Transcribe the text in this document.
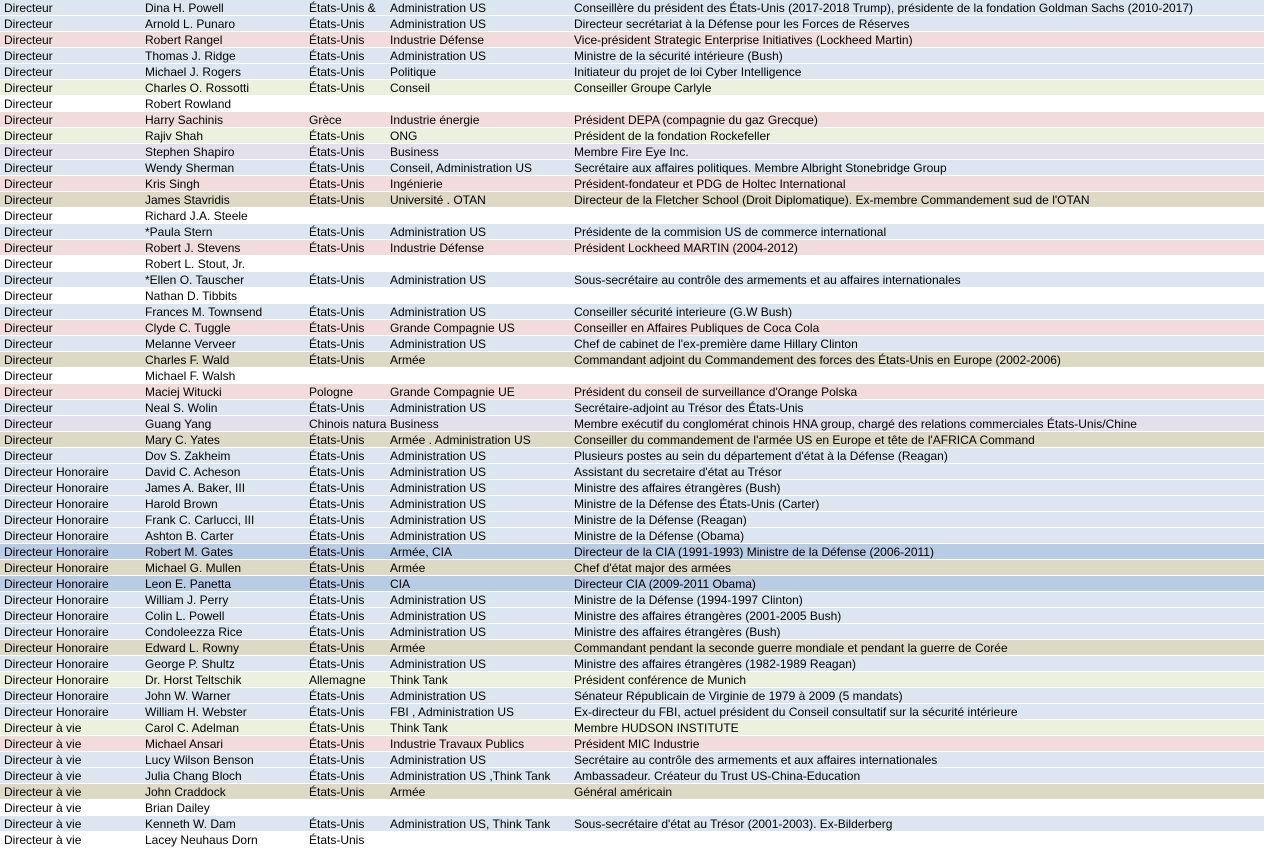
Directeur	Dina H. Powell	États-Unis &	Administration US	Conseillère du président des États-Unis (2017-2018 Trump), présidente de la fondation Goldman Sachs (2010-2017)
Directeur	Arnold L. Punaro	États-Unis	Administration US	Directeur secrétariat à la Défense pour les Forces de Réserves
Directeur	Robert Rangel	États-Unis	Industrie Défense	Vice-président Strategic Enterprise Initiatives (Lockheed Martin)
Directeur	Thomas J. Ridge	États-Unis	Administration US	Ministre de la sécurité intérieure (Bush)
Directeur	Michael J. Rogers	États-Unis	Politique	Initiateur du projet de loi Cyber Intelligence
Directeur	Charles O. Rossotti	États-Unis	Conseil	Conseiller Groupe Carlyle
Directeur	Robert Rowland
Directeur	Harry Sachinis	Grèce	Industrie énergie	Président DEPA (compagnie du gaz Grecque)
Directeur	Rajiv Shah	États-Unis	ONG	Président de la fondation Rockefeller
Directeur	Stephen Shapiro	États-Unis	Business	Membre Fire Eye Inc.
Directeur	Wendy Sherman	États-Unis	Conseil, Administration US	Secrétaire aux affaires politiques. Membre Albright Stonebridge Group
Directeur	Kris Singh	États-Unis	Ingénierie	Président-fondateur et PDG de Holtec International
Directeur	James Stavridis	États-Unis	Université . OTAN	Directeur de la Fletcher School (Droit Diplomatique). Ex-membre Commandement sud de l'OTAN
Directeur	Richard J.A. Steele
Directeur	*Paula Stern	États-Unis	Administration US	Présidente de la commision US de commerce international
Directeur	Robert J. Stevens	États-Unis	Industrie Défense	Président Lockheed MARTIN (2004-2012)
Directeur	Robert L. Stout, Jr.
Directeur	*Ellen O. Tauscher	États-Unis	Administration US	Sous-secrétaire au contrôle des armements et au affaires internationales
Directeur	Nathan D. Tibbits
Directeur	Frances M. Townsend	États-Unis	Administration US	Conseiller sécurité interieure (G.W Bush)
Directeur	Clyde C. Tuggle	États-Unis	Grande Compagnie US	Conseiller en Affaires Publiques de Coca Cola
Directeur	Melanne Verveer	États-Unis	Administration US	Chef de cabinet de l'ex-première dame Hillary Clinton
Directeur	Charles F. Wald	États-Unis	Armée	Commandant adjoint du Commandement des forces des États-Unis en Europe (2002-2006)
Directeur	Michael F. Walsh
Directeur	Maciej Witucki	Pologne	Grande Compagnie UE	Président du conseil de surveillance d'Orange Polska
Directeur	Neal S. Wolin	États-Unis	Administration US	Secrétaire-adjoint au Trésor des États-Unis
Directeur	Guang Yang	Chinois natura Business	Membre exécutif du conglomérat chinois HNA group, chargé des relations commerciales États-Unis/Chine
Directeur	Mary C. Yates	États-Unis	Armée . Administration US	Conseiller du commandement de l'armée US en Europe et tête de l'AFRICA Command
Directeur	Dov S. Zakheim	États-Unis	Administration US	Plusieurs postes au sein du département d'état à la Défense (Reagan)
Directeur Honoraire	David C. Acheson	États-Unis	Administration US	Assistant du secretaire d'état au Trésor
Directeur Honoraire	James A. Baker, III	États-Unis	Administration US	Ministre des affaires étrangères (Bush)
Directeur Honoraire	Harold Brown	États-Unis	Administration US	Ministre de la Défense des États-Unis (Carter)
Directeur Honoraire	Frank C. Carlucci, III	États-Unis	Administration US	Ministre de la Défense (Reagan)
Directeur Honoraire	Ashton B. Carter	États-Unis	Administration US	Ministre de la Défense (Obama)
Directeur Honoraire	Robert M. Gates	États-Unis	Armée, CIA	Directeur de la CIA (1991-1993) Ministre de la Défense (2006-2011)
Directeur Honoraire	Michael G. Mullen	États-Unis	Armée	Chef d'état major des armées
Directeur Honoraire	Leon E. Panetta	États-Unis	CIA	Directeur CIA (2009-2011 Obama)
Directeur Honoraire	William J. Perry	États-Unis	Administration US	Ministre de la Défense (1994-1997 Clinton)
Directeur Honoraire	Colin L. Powell	États-Unis	Administration US	Ministre des affaires étrangères (2001-2005 Bush)
Directeur Honoraire	Condoleezza Rice	États-Unis	Administration US	Ministre des affaires étrangères (Bush)
Directeur Honoraire	Edward L. Rowny	États-Unis	Armée	Commandant pendant la seconde guerre mondiale et pendant la guerre de Corée
Directeur Honoraire	George P. Shultz	États-Unis	Administration US	Ministre des affaires étrangères (1982-1989 Reagan)
Directeur Honoraire	Dr. Horst Teltschik	Allemagne	Think Tank	Président conférence de Munich
Directeur Honoraire	John W. Warner	États-Unis	Administration US	Sénateur Républicain de Virginie de 1979 à 2009 (5 mandats)
Directeur Honoraire	William H. Webster	États-Unis	FBI , Administration US	Ex-directeur du FBI, actuel président du Conseil consultatif sur la sécurité intérieure
Directeur à vie	Carol C. Adelman	États-Unis	Think Tank	Membre HUDSON INSTITUTE
Directeur à vie	Michael Ansari	États-Unis	Industrie Travaux Publics	Président MIC Industrie
Directeur à vie	Lucy Wilson Benson	États-Unis	Administration US	Secrétaire au contrôle des armements et aux affaires internationales
Directeur à vie	Julia Chang Bloch	États-Unis	Administration US ,Think Tank	Ambassadeur. Créateur du Trust US-China-Education
Directeur à vie	John Craddock	États-Unis	Armée	Général américain
Directeur à vie	Brian Dailey
Directeur à vie	Kenneth W. Dam	États-Unis	Administration US, Think Tank	Sous-secrétaire d'état au Trésor (2001-2003). Ex-Bilderberg
Directeur à vie	Lacey Neuhaus Dorn	États-Unis
